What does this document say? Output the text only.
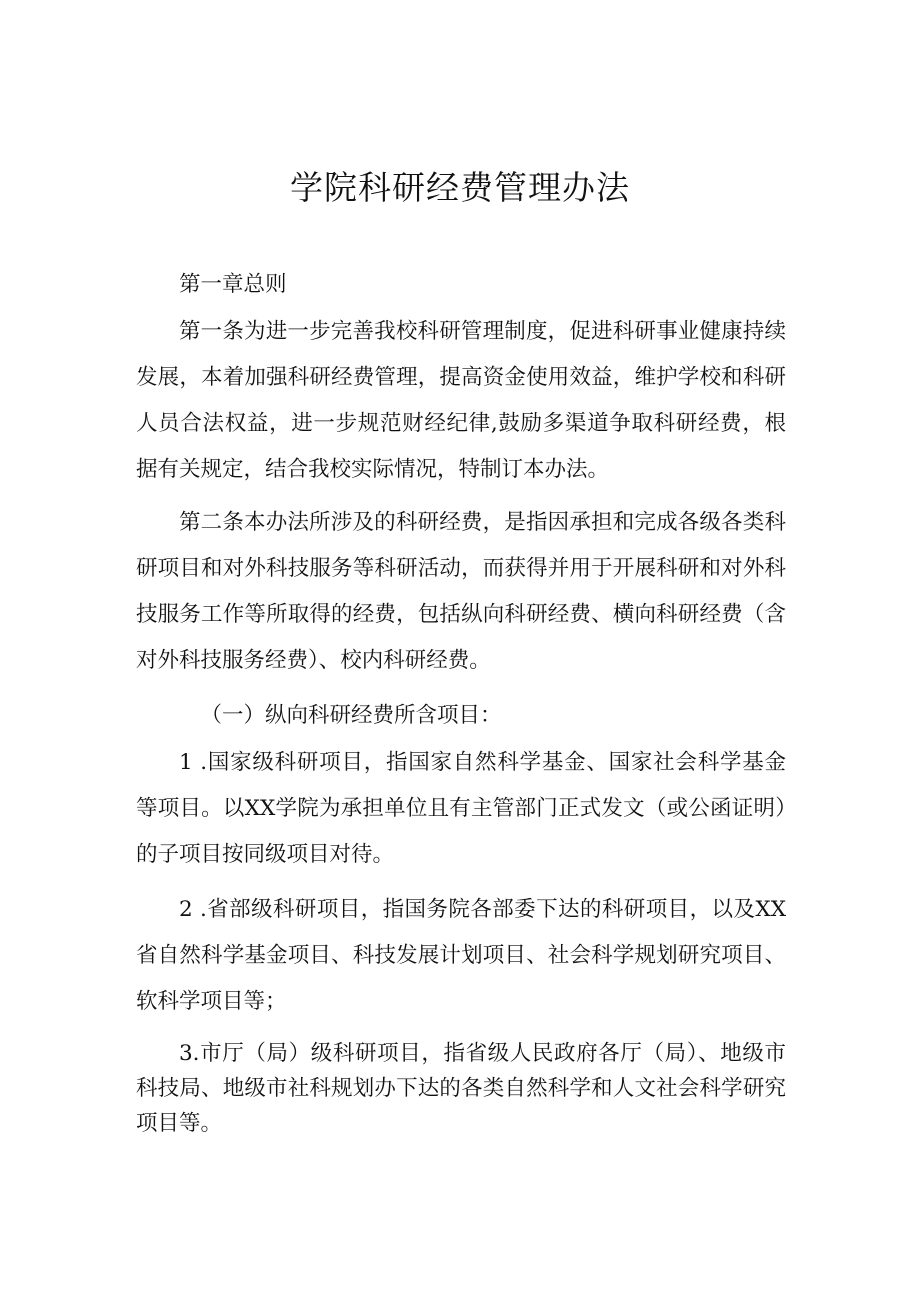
学院科研经费管理办法

第一章总则

第一条为进一步完善我校科研管理制度，促进科研事业健康持续发展，本着加强科研经费管理，提高资金使用效益，维护学校和科研人员合法权益，进一步规范财经纪律,鼓励多渠道争取科研经费，根据有关规定，结合我校实际情况，特制订本办法。

第二条本办法所涉及的科研经费，是指因承担和完成各级各类科研项目和对外科技服务等科研活动，而获得并用于开展科研和对外科技服务工作等所取得的经费，包括纵向科研经费、横向科研经费（含对外科技服务经费）、校内科研经费。

（一）纵向科研经费所含项目：

1 .国家级科研项目，指国家自然科学基金、国家社会科学基金等项目。以XX学院为承担单位且有主管部门正式发文（或公函证明）的子项目按同级项目对待。

2 .省部级科研项目，指国务院各部委下达的科研项目，以及XX省自然科学基金项目、科技发展计划项目、社会科学规划研究项目、软科学项目等；

3.市厅（局）级科研项目，指省级人民政府各厅（局）、地级市科技局、地级市社科规划办下达的各类自然科学和人文社会科学研究项目等。
